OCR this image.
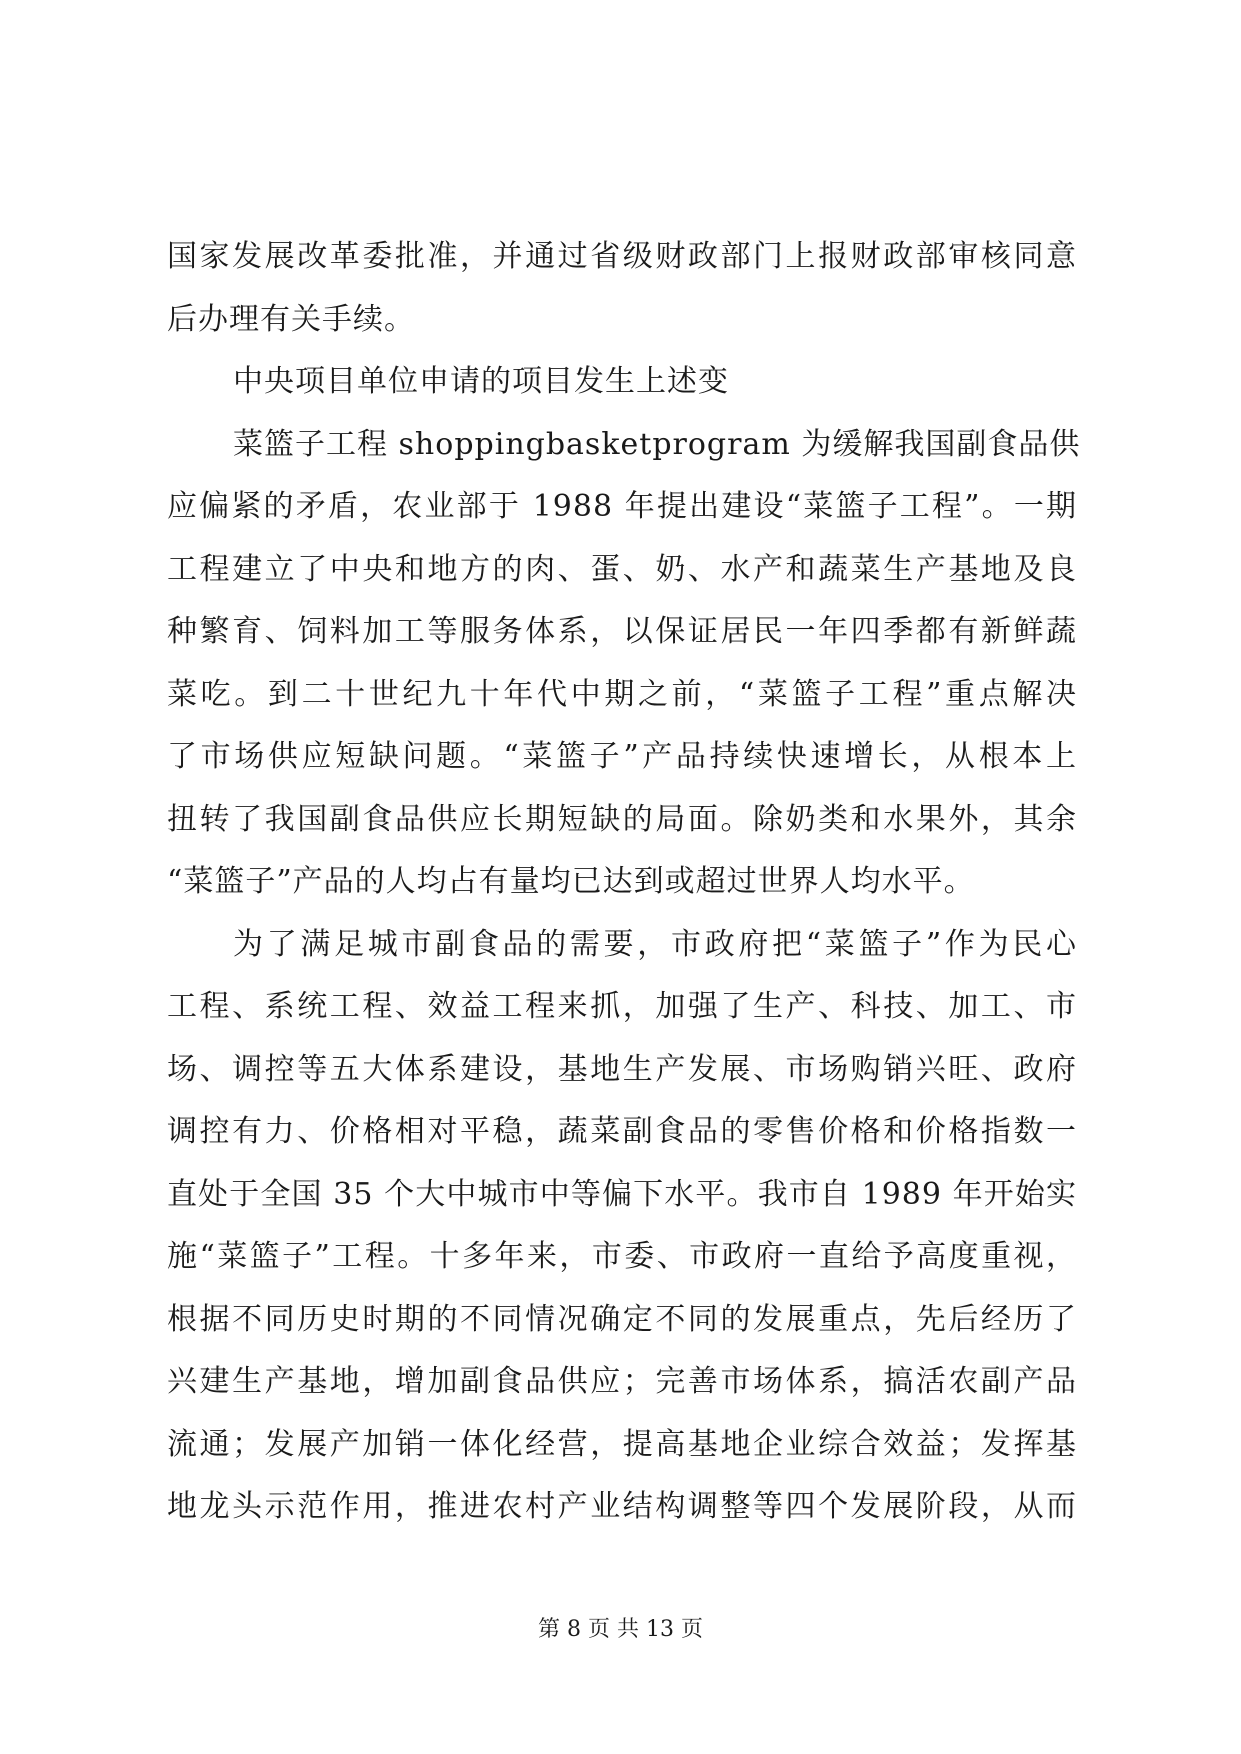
国家发展改革委批准，并通过省级财政部门上报财政部审核同意
后办理有关手续。
中央项目单位申请的项目发生上述变
菜篮子工程 shoppingbasketprogram 为缓解我国副食品供
应偏紧的矛盾，农业部于 1988 年提出建设“菜篮子工程”。一期
工程建立了中央和地方的肉、蛋、奶、水产和蔬菜生产基地及良
种繁育、饲料加工等服务体系，以保证居民一年四季都有新鲜蔬
菜吃。到二十世纪九十年代中期之前，“菜篮子工程”重点解决
了市场供应短缺问题。“菜篮子”产品持续快速增长，从根本上
扭转了我国副食品供应长期短缺的局面。除奶类和水果外，其余
“菜篮子”产品的人均占有量均已达到或超过世界人均水平。
为了满足城市副食品的需要，市政府把“菜篮子”作为民心
工程、系统工程、效益工程来抓，加强了生产、科技、加工、市
场、调控等五大体系建设，基地生产发展、市场购销兴旺、政府
调控有力、价格相对平稳，蔬菜副食品的零售价格和价格指数一
直处于全国 35 个大中城市中等偏下水平。我市自 1989 年开始实
施“菜篮子”工程。十多年来，市委、市政府一直给予高度重视，
根据不同历史时期的不同情况确定不同的发展重点，先后经历了
兴建生产基地，增加副食品供应；完善市场体系，搞活农副产品
流通；发展产加销一体化经营，提高基地企业综合效益；发挥基
地龙头示范作用，推进农村产业结构调整等四个发展阶段，从而
第 8 页 共 13 页
